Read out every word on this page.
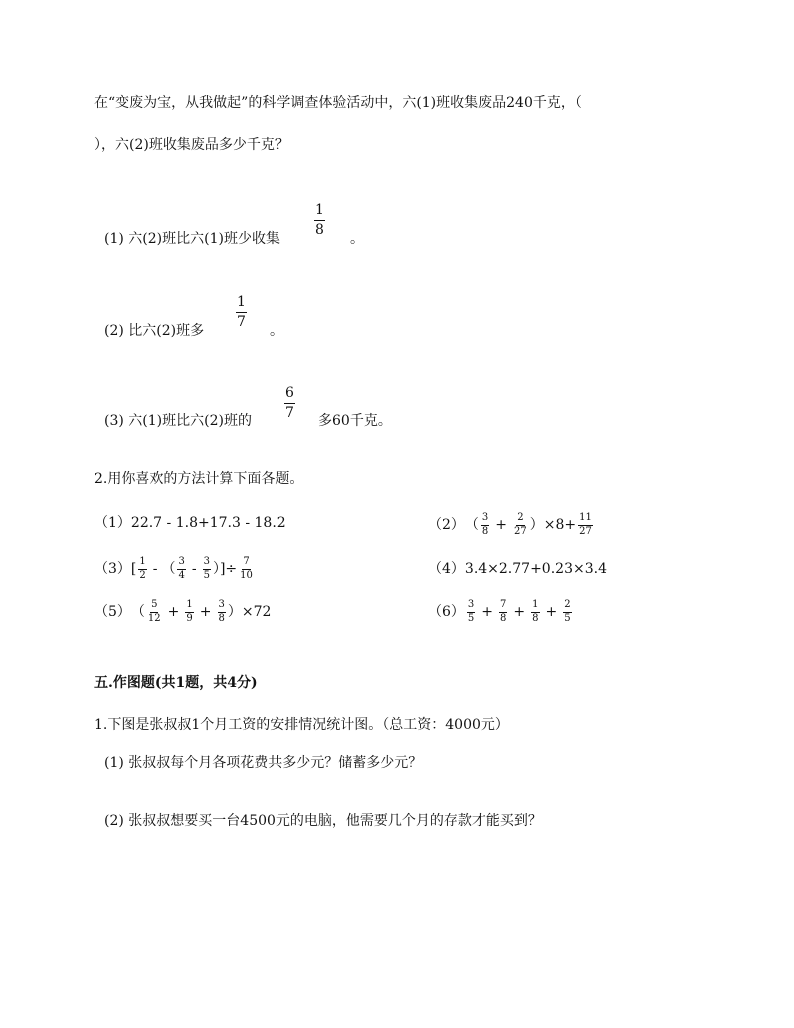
在“变废为宝，从我做起”的科学调查体验活动中，六(1)班收集废品240千克，（
），六(2)班收集废品多少千克？
(1) 六(2)班比六(1)班少收集
$\frac{1}{8}$
。
(2) 比六(2)班多
$\frac{1}{7}$
。
(3) 六(1)班比六(2)班的 $\frac{6}{7}$ 多60千克。
2.用你喜欢的方法计算下面各题。
（1）22.7 - 1.8+17.3 - 18.2	（2） （ $\frac{3}{8} + \frac{2}{27} )\times 8+ \frac{11}{27}$
$(3)[ \frac{1}{2}$ - （ $\frac{3}{4} - \frac{3}{5}$ ）]÷ $\frac{7}{10}$	（4）3.4×2.77+0.23×3.4
（5） （ $\frac{5}{12} + \frac{1}{9} + \frac{3}{8} )\times 72$	$(6) \frac{3}{5} + \frac{7}{8} + \frac{1}{8} + \frac{2}{5}$
五.作图题(共1题，共4分)
1.下图是张叔叔1个月工资的安排情况统计图。（总工资：4000元）
(1) 张叔叔每个月各项花费共多少元？储蓄多少元？
(2) 张叔叔想要买一台4500元的电脑，他需要几个月的存款才能买到？
